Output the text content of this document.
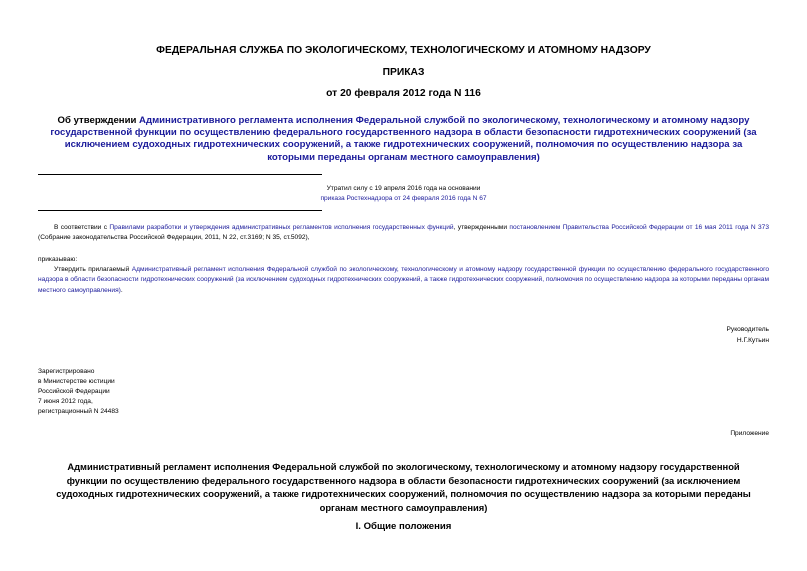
ФЕДЕРАЛЬНАЯ СЛУЖБА ПО ЭКОЛОГИЧЕСКОМУ, ТЕХНОЛОГИЧЕСКОМУ И АТОМНОМУ НАДЗОРУ
ПРИКАЗ
от 20 февраля 2012 года N 116
Об утверждении Административного регламента исполнения Федеральной службой по экологическому, технологическому и атомному надзору государственной функции по осуществлению федерального государственного надзора в области безопасности гидротехнических сооружений (за исключением судоходных гидротехнических сооружений, а также гидротехнических сооружений, полномочия по осуществлению надзора за которыми переданы органам местного самоуправления)
Утратил силу с 19 апреля 2016 года на основании
приказа Ростехнадзора от 24 февраля 2016 года N 67
В соответствии с Правилами разработки и утверждения административных регламентов исполнения государственных функций, утвержденными постановлением Правительства Российской Федерации от 16 мая 2011 года N 373 (Собрание законодательства Российской Федерации, 2011, N 22, ст.3169; N 35, ст.5092),
приказываю:
Утвердить прилагаемый Административный регламент исполнения Федеральной службой по экологическому, технологическому и атомному надзору государственной функции по осуществлению федерального государственного надзора в области безопасности гидротехнических сооружений (за исключением судоходных гидротехнических сооружений, а также гидротехнических сооружений, полномочия по осуществлению надзора за которыми переданы органам местного самоуправления).
Руководитель
Н.Г.Кутьин
Зарегистрировано
в Министерстве юстиции
Российской Федерации
7 июня 2012 года,
регистрационный N 24483
Приложение
Административный регламент исполнения Федеральной службой по экологическому, технологическому и атомному надзору государственной функции по осуществлению федерального государственного надзора в области безопасности гидротехнических сооружений (за исключением судоходных гидротехнических сооружений, а также гидротехнических сооружений, полномочия по осуществлению надзора за которыми переданы органам местного самоуправления)
I. Общие положения
